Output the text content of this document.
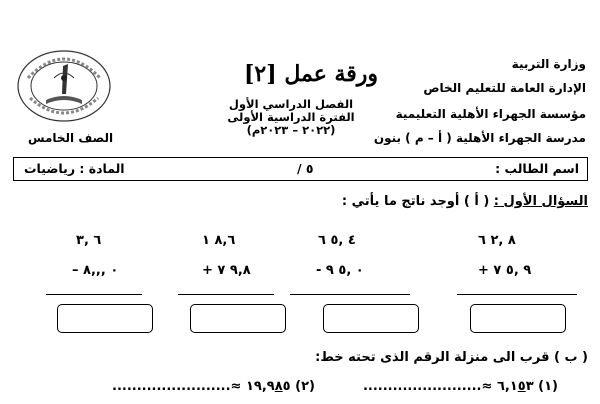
وزارة التربية
الإدارة العامة للتعليم الخاص
مؤسسة الجهراء الأهلية التعليمية
مدرسة الجهراء الأهلية ( أ – م ) بنون
ورقة عمل [٢]
الفصل الدراسي الأول
الفترة الدراسية الأولى
(٢٠٢٢ – ٢٠٢٣م)
الصف الخامس
اسم الطالب :
٥ /
المادة : رياضيات
السؤال الأول : ( أ ) أوجد ناتج ما يأتي :
٨ ,٢ ٦
٩ ,٥ ٧ +
٤ ,٥ ٦
٠ ,٥ ٩ -
٨,٦ ١
٩,٨ ٧ +
٦ ,٣
٠ ,,,٨ –
( ب ) قرب الى منزلة الرقم الذى تحته خط:
(١) ٦,١٥٣ ≈........................
(٢) ١٩,٩٨٥ ≈........................
